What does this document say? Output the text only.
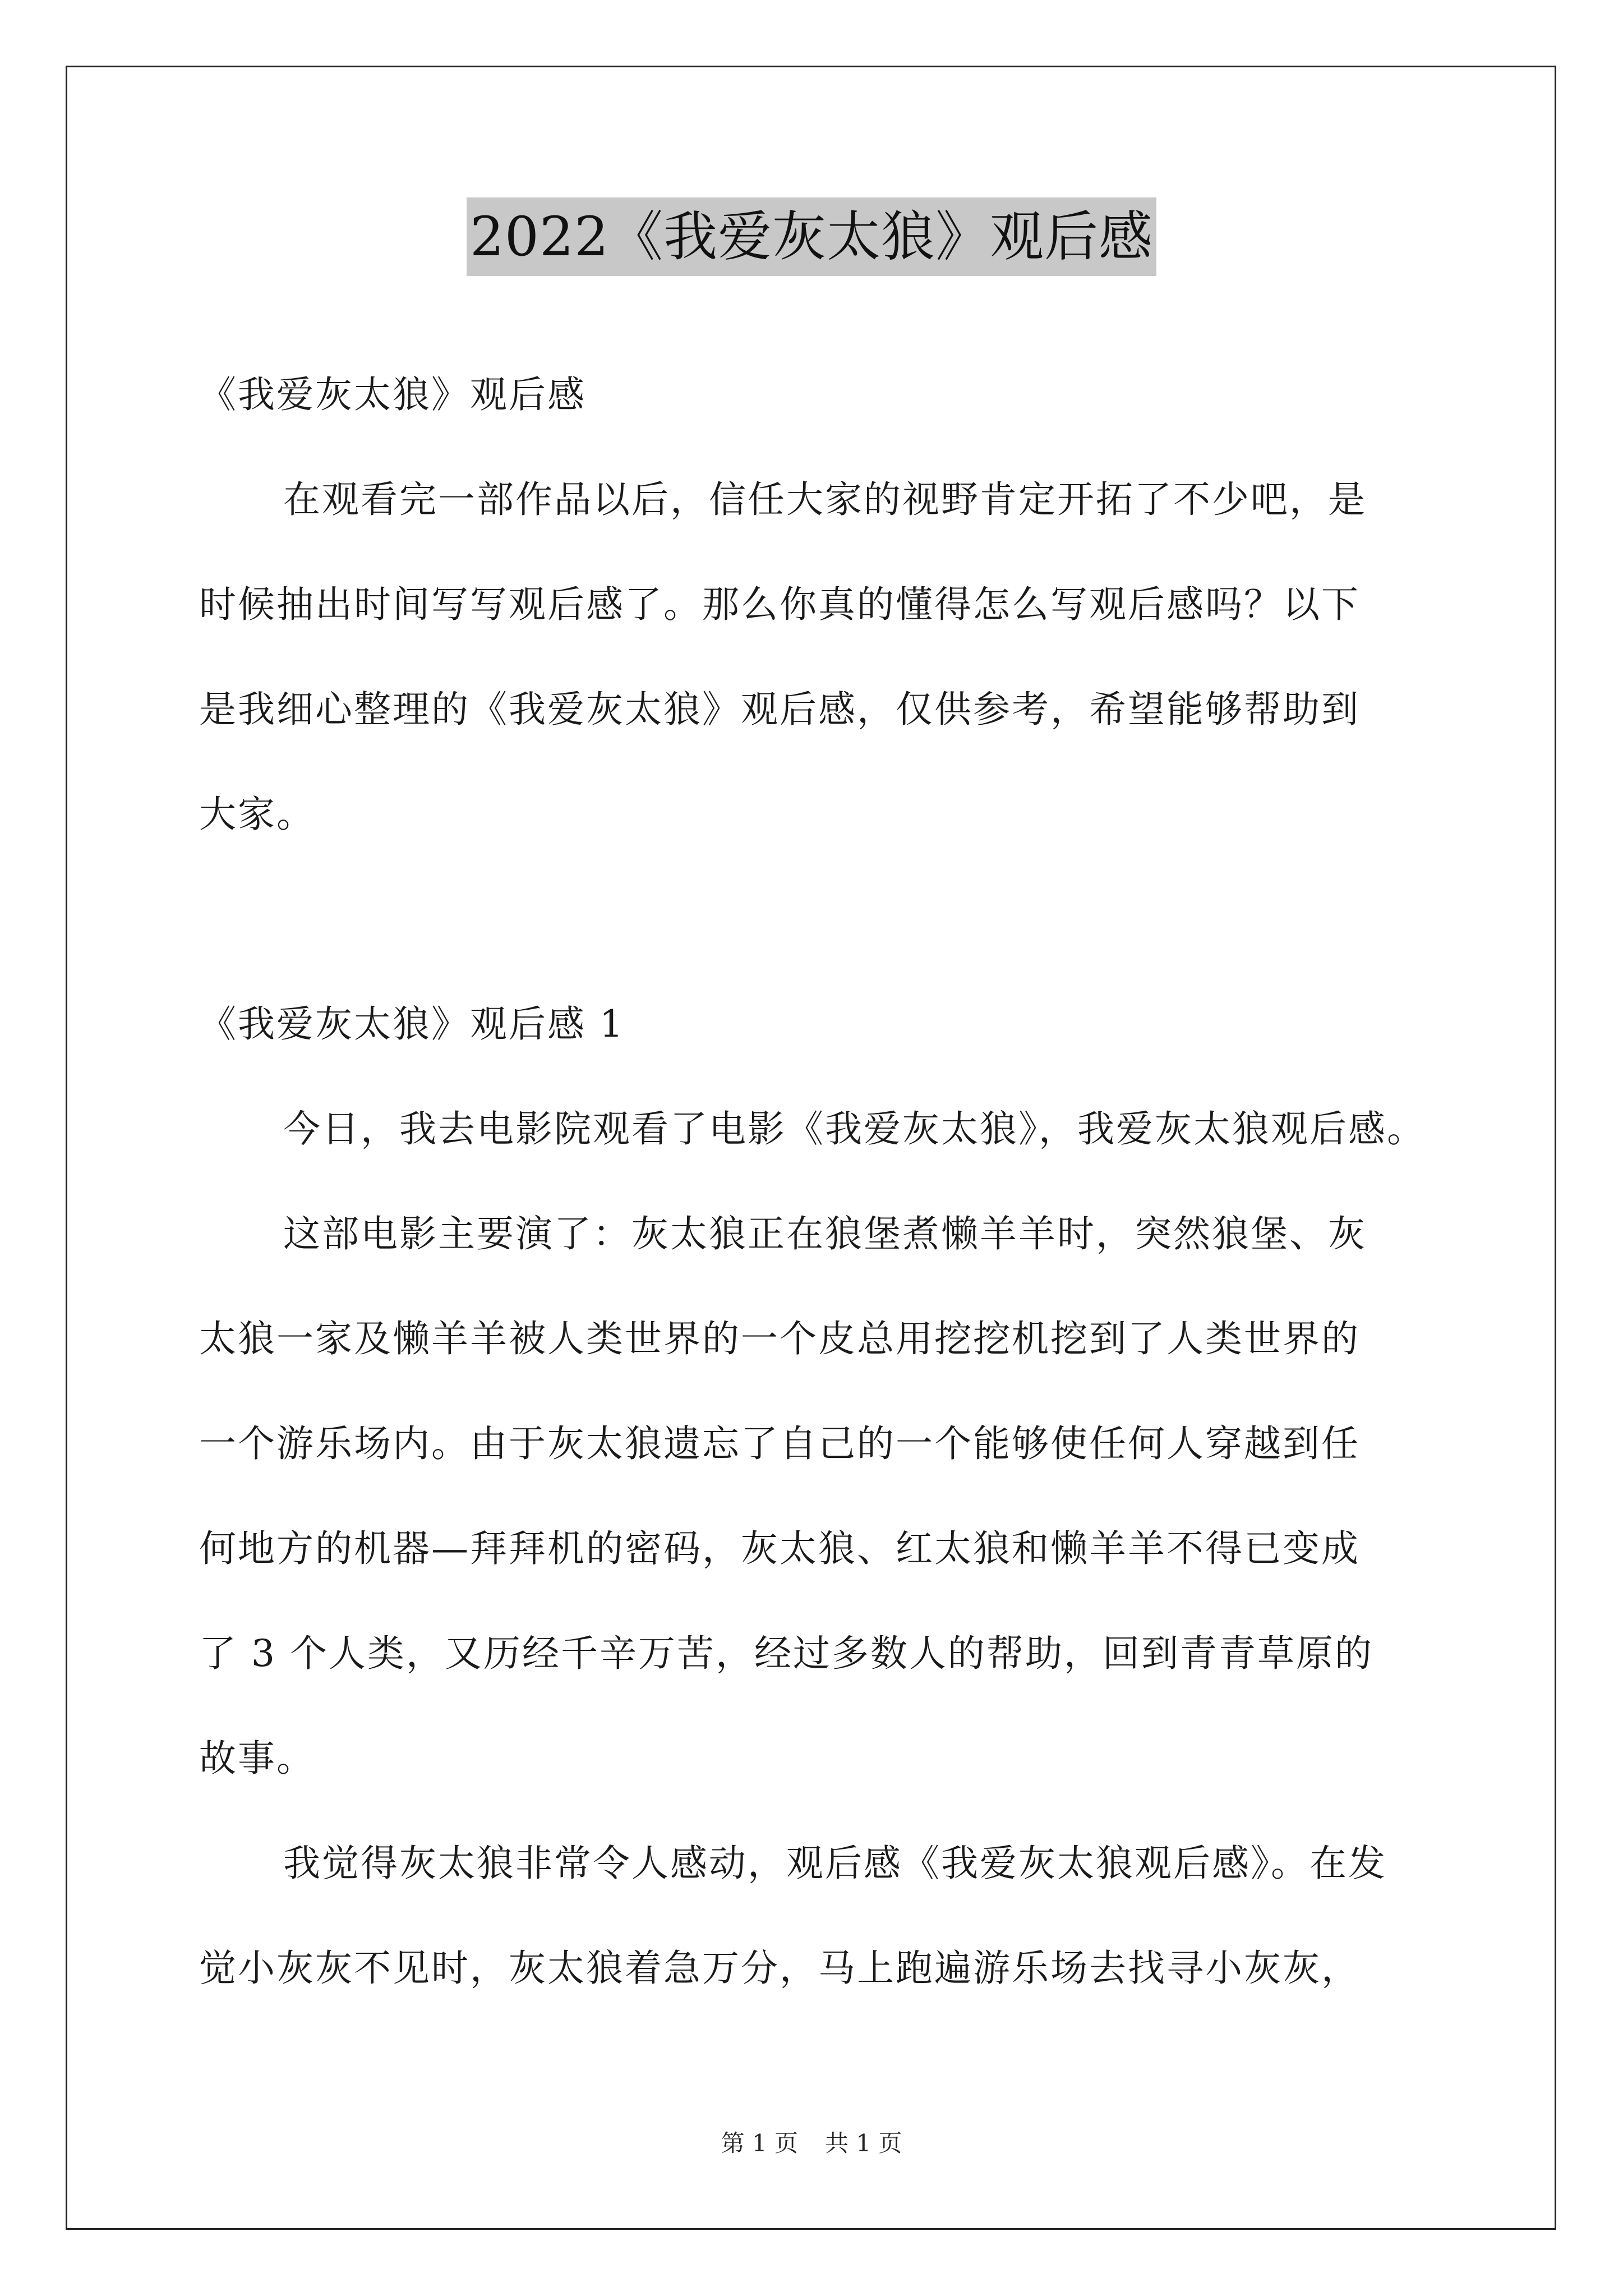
2022《我爱灰太狼》观后感
《我爱灰太狼》观后感
在观看完一部作品以后，信任大家的视野肯定开拓了不少吧，是
时候抽出时间写写观后感了。那么你真的懂得怎么写观后感吗？以下
是我细心整理的《我爱灰太狼》观后感，仅供参考，希望能够帮助到
大家。
《我爱灰太狼》观后感 1
今日，我去电影院观看了电影《我爱灰太狼》，我爱灰太狼观后感。
这部电影主要演了：灰太狼正在狼堡煮懒羊羊时，突然狼堡、灰
太狼一家及懒羊羊被人类世界的一个皮总用挖挖机挖到了人类世界的
一个游乐场内。由于灰太狼遗忘了自己的一个能够使任何人穿越到任
何地方的机器—拜拜机的密码，灰太狼、红太狼和懒羊羊不得已变成
了 3 个人类，又历经千辛万苦，经过多数人的帮助，回到青青草原的
故事。
我觉得灰太狼非常令人感动，观后感《我爱灰太狼观后感》。在发
觉小灰灰不见时，灰太狼着急万分，马上跑遍游乐场去找寻小灰灰，
第 1 页 共 1 页
